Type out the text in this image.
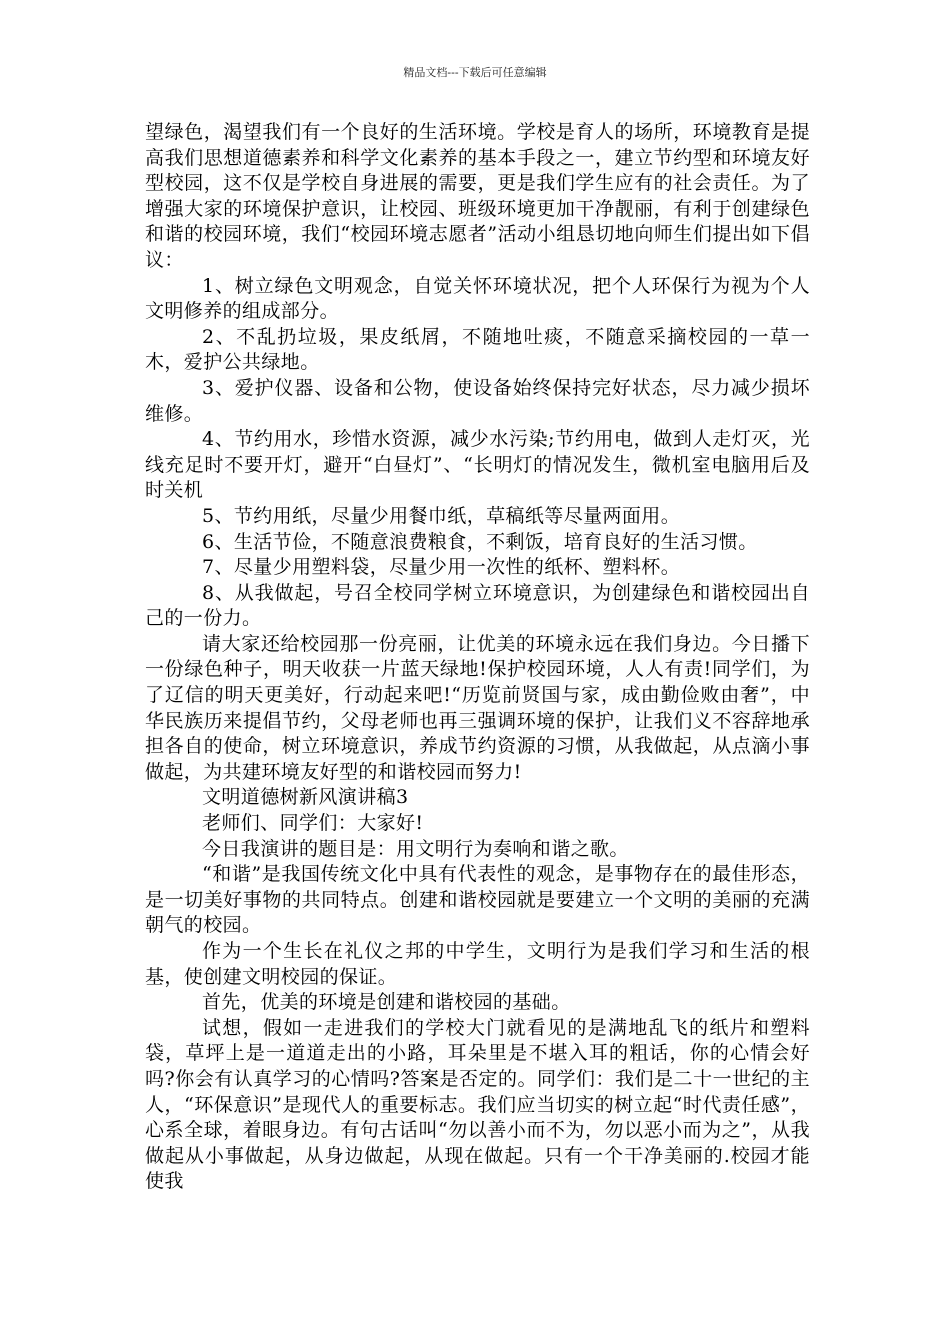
精品文档---下载后可任意编辑

望绿色，渴望我们有一个良好的生活环境。学校是育人的场所，环境教育是提高我们思想道德素养和科学文化素养的基本手段之一，建立节约型和环境友好型校园，这不仅是学校自身进展的需要，更是我们学生应有的社会责任。为了增强大家的环境保护意识，让校园、班级环境更加干净靓丽，有利于创建绿色和谐的校园环境，我们“校园环境志愿者”活动小组恳切地向师生们提出如下倡议：

1、树立绿色文明观念，自觉关怀环境状况，把个人环保行为视为个人文明修养的组成部分。

2、不乱扔垃圾，果皮纸屑，不随地吐痰，不随意采摘校园的一草一木，爱护公共绿地。

3、爱护仪器、设备和公物，使设备始终保持完好状态，尽力减少损坏维修。

4、节约用水，珍惜水资源，减少水污染;节约用电，做到人走灯灭，光线充足时不要开灯，避开“白昼灯”、“长明灯的情况发生，微机室电脑用后及时关机

5、节约用纸，尽量少用餐巾纸，草稿纸等尽量两面用。

6、生活节俭，不随意浪费粮食，不剩饭，培育良好的生活习惯。

7、尽量少用塑料袋，尽量少用一次性的纸杯、塑料杯。

8、从我做起，号召全校同学树立环境意识，为创建绿色和谐校园出自己的一份力。

请大家还给校园那一份亮丽，让优美的环境永远在我们身边。今日播下一份绿色种子，明天收获一片蓝天绿地!保护校园环境，人人有责!同学们，为了辽信的明天更美好，行动起来吧!“历览前贤国与家，成由勤俭败由奢”，中华民族历来提倡节约，父母老师也再三强调环境的保护，让我们义不容辞地承担各自的使命，树立环境意识，养成节约资源的习惯，从我做起，从点滴小事做起，为共建环境友好型的和谐校园而努力!

文明道德树新风演讲稿3

老师们、同学们：大家好!

今日我演讲的题目是：用文明行为奏响和谐之歌。

“和谐”是我国传统文化中具有代表性的观念，是事物存在的最佳形态，是一切美好事物的共同特点。创建和谐校园就是要建立一个文明的美丽的充满朝气的校园。

作为一个生长在礼仪之邦的中学生，文明行为是我们学习和生活的根基，使创建文明校园的保证。

首先，优美的环境是创建和谐校园的基础。

试想，假如一走进我们的学校大门就看见的是满地乱飞的纸片和塑料袋，草坪上是一道道走出的小路，耳朵里是不堪入耳的粗话，你的心情会好吗?你会有认真学习的心情吗?答案是否定的。同学们：我们是二十一世纪的主人，“环保意识”是现代人的重要标志。我们应当切实的树立起“时代责任感”，心系全球，着眼身边。有句古话叫“勿以善小而不为，勿以恶小而为之”，从我做起从小事做起，从身边做起，从现在做起。只有一个干净美丽的.校园才能使我
